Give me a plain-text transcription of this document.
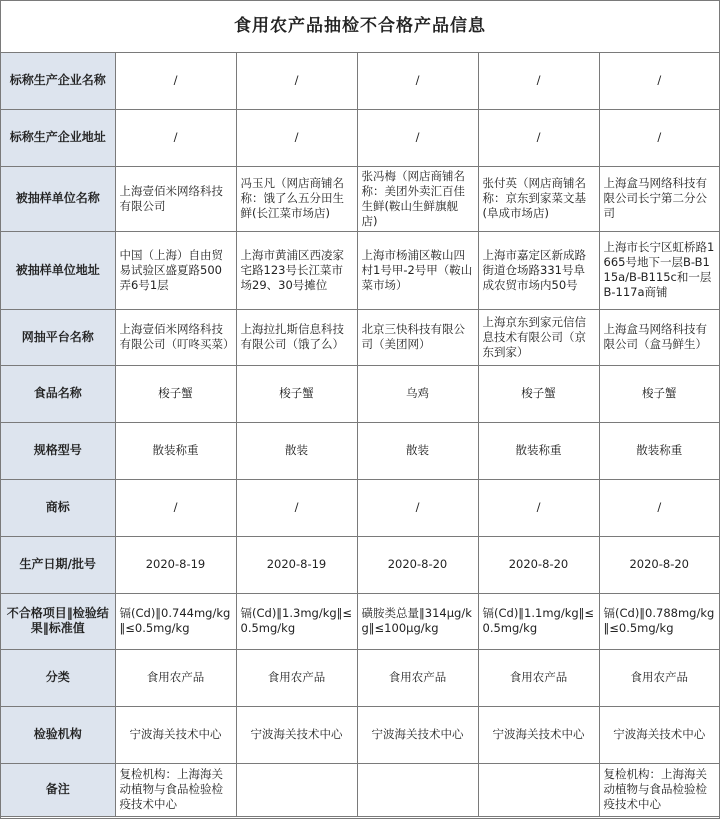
食用农产品抽检不合格产品信息
标称生产企业名称	/	/	/	/	/
标称生产企业地址	/	/	/	/	/
被抽样单位名称	上海壹佰米网络科技有限公司	冯玉凡（网店商铺名称：饿了么五分田生鲜(长江菜市场店)	张冯梅（网店商铺名称：美团外卖汇百佳生鲜(鞍山生鲜旗舰店)	张付英（网店商铺名称：京东到家菜文基(阜成市场店)	上海盒马网络科技有限公司长宁第二分公司
被抽样单位地址	中国（上海）自由贸易试验区盛夏路500弄6号1层	上海市黄浦区西凌家宅路123号长江菜市场29、30号摊位	上海市杨浦区鞍山四村1号甲-2号甲（鞍山菜市场）	上海市嘉定区新成路街道仓场路331号阜成农贸市场内50号	上海市长宁区虹桥路1665号地下一层B-B115a/B-B115c和一层B-117a商铺
网抽平台名称	上海壹佰米网络科技有限公司（叮咚买菜）	上海拉扎斯信息科技有限公司（饿了么）	北京三快科技有限公司（美团网）	上海京东到家元信信息技术有限公司（京东到家）	上海盒马网络科技有限公司（盒马鲜生）
食品名称	梭子蟹	梭子蟹	乌鸡	梭子蟹	梭子蟹
规格型号	散装称重	散装	散装	散装称重	散装称重
商标	/	/	/	/	/
生产日期/批号	2020-8-19	2020-8-19	2020-8-20	2020-8-20	2020-8-20
不合格项目‖检验结果‖标准值	镉(Cd)‖0.744mg/kg‖≤0.5mg/kg	镉(Cd)‖1.3mg/kg‖≤0.5mg/kg	磺胺类总量‖314μg/kg‖≤100μg/kg	镉(Cd)‖1.1mg/kg‖≤0.5mg/kg	镉(Cd)‖0.788mg/kg‖≤0.5mg/kg
分类	食用农产品	食用农产品	食用农产品	食用农产品	食用农产品
检验机构	宁波海关技术中心	宁波海关技术中心	宁波海关技术中心	宁波海关技术中心	宁波海关技术中心
备注	复检机构：上海海关动植物与食品检验检疫技术中心				复检机构：上海海关动植物与食品检验检疫技术中心
